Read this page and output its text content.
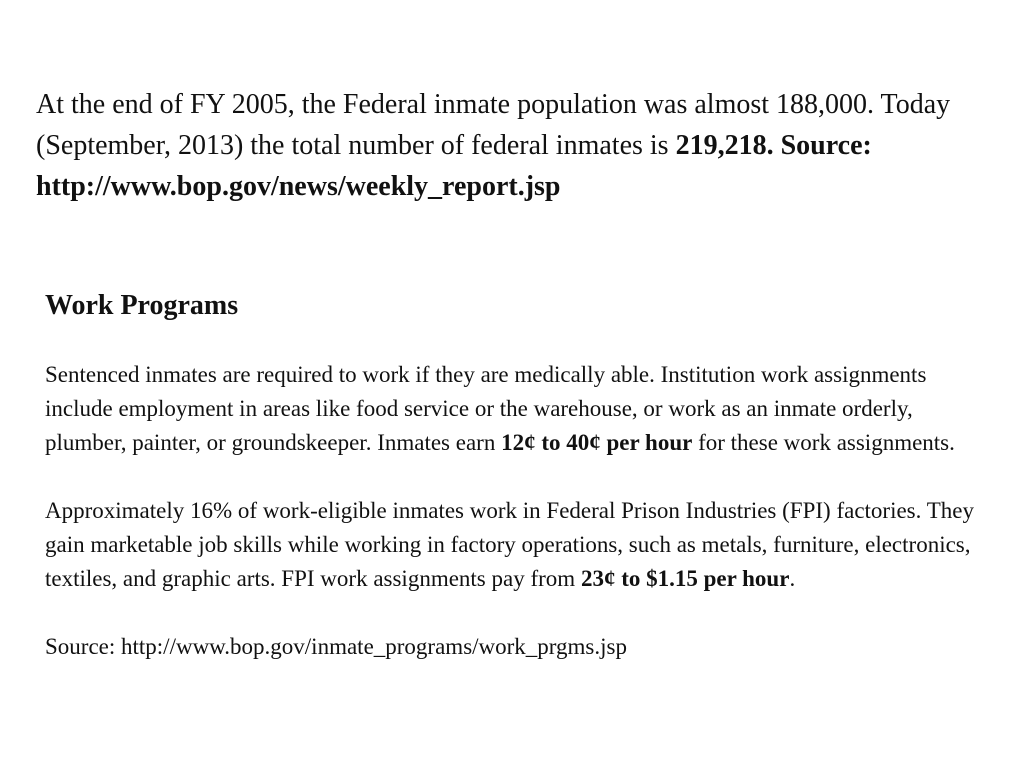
At the end of FY 2005, the Federal inmate population was almost 188,000. Today (September, 2013) the total number of federal inmates is 219,218. Source:
http://www.bop.gov/news/weekly_report.jsp
Work Programs

Sentenced inmates are required to work if they are medically able. Institution work assignments include employment in areas like food service or the warehouse, or work as an inmate orderly, plumber, painter, or groundskeeper. Inmates earn 12¢ to 40¢ per hour for these work assignments.

Approximately 16% of work-eligible inmates work in Federal Prison Industries (FPI) factories. They gain marketable job skills while working in factory operations, such as metals, furniture, electronics, textiles, and graphic arts. FPI work assignments pay from 23¢ to $1.15 per hour.

Source: http://www.bop.gov/inmate_programs/work_prgms.jsp
